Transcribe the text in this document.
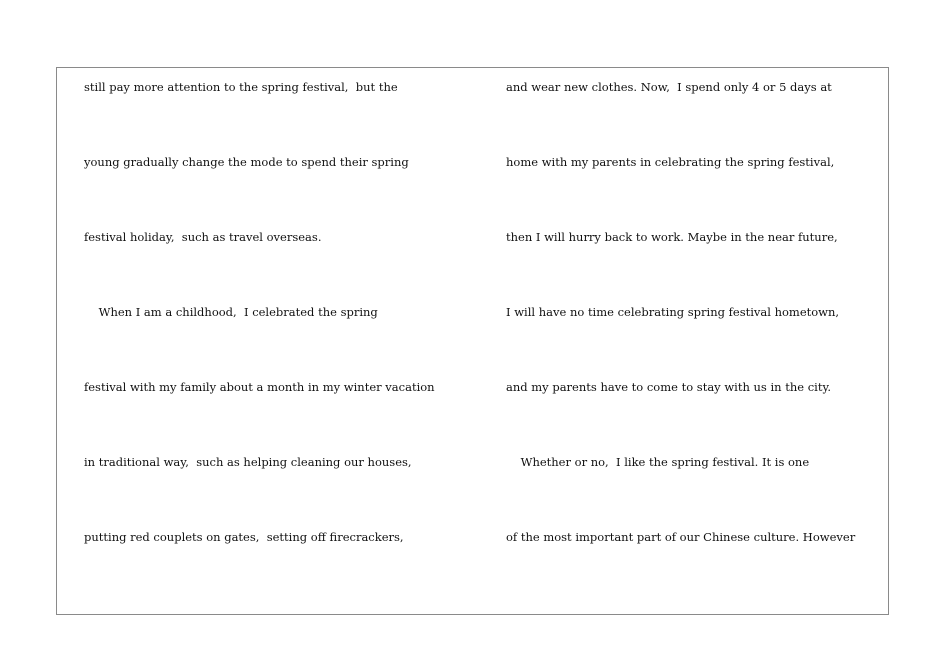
still pay more attention to the spring festival,  but the
young gradually change the mode to spend their spring
festival holiday,  such as travel overseas.
When I am a childhood,  I celebrated the spring
festival with my family about a month in my winter vacation
in traditional way,  such as helping cleaning our houses,
putting red couplets on gates,  setting off firecrackers,
and wear new clothes. Now,  I spend only 4 or 5 days at
home with my parents in celebrating the spring festival,
then I will hurry back to work. Maybe in the near future,
I will have no time celebrating spring festival hometown,
and my parents have to come to stay with us in the city.
Whether or no,  I like the spring festival. It is one
of the most important part of our Chinese culture. However
